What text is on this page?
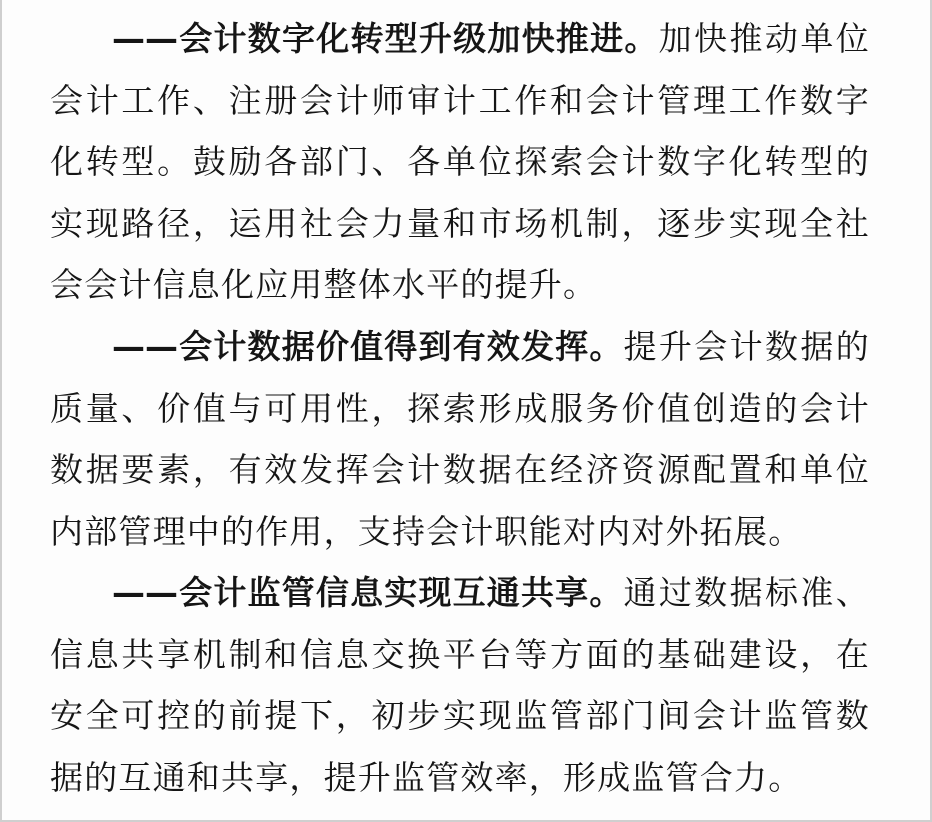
——会计数字化转型升级加快推进。加快推动单位会计工作、注册会计师审计工作和会计管理工作数字化转型。鼓励各部门、各单位探索会计数字化转型的实现路径，运用社会力量和市场机制，逐步实现全社会会计信息化应用整体水平的提升。

——会计数据价值得到有效发挥。提升会计数据的质量、价值与可用性，探索形成服务价值创造的会计数据要素，有效发挥会计数据在经济资源配置和单位内部管理中的作用，支持会计职能对内对外拓展。

——会计监管信息实现互通共享。通过数据标准、信息共享机制和信息交换平台等方面的基础建设，在安全可控的前提下，初步实现监管部门间会计监管数据的互通和共享，提升监管效率，形成监管合力。
